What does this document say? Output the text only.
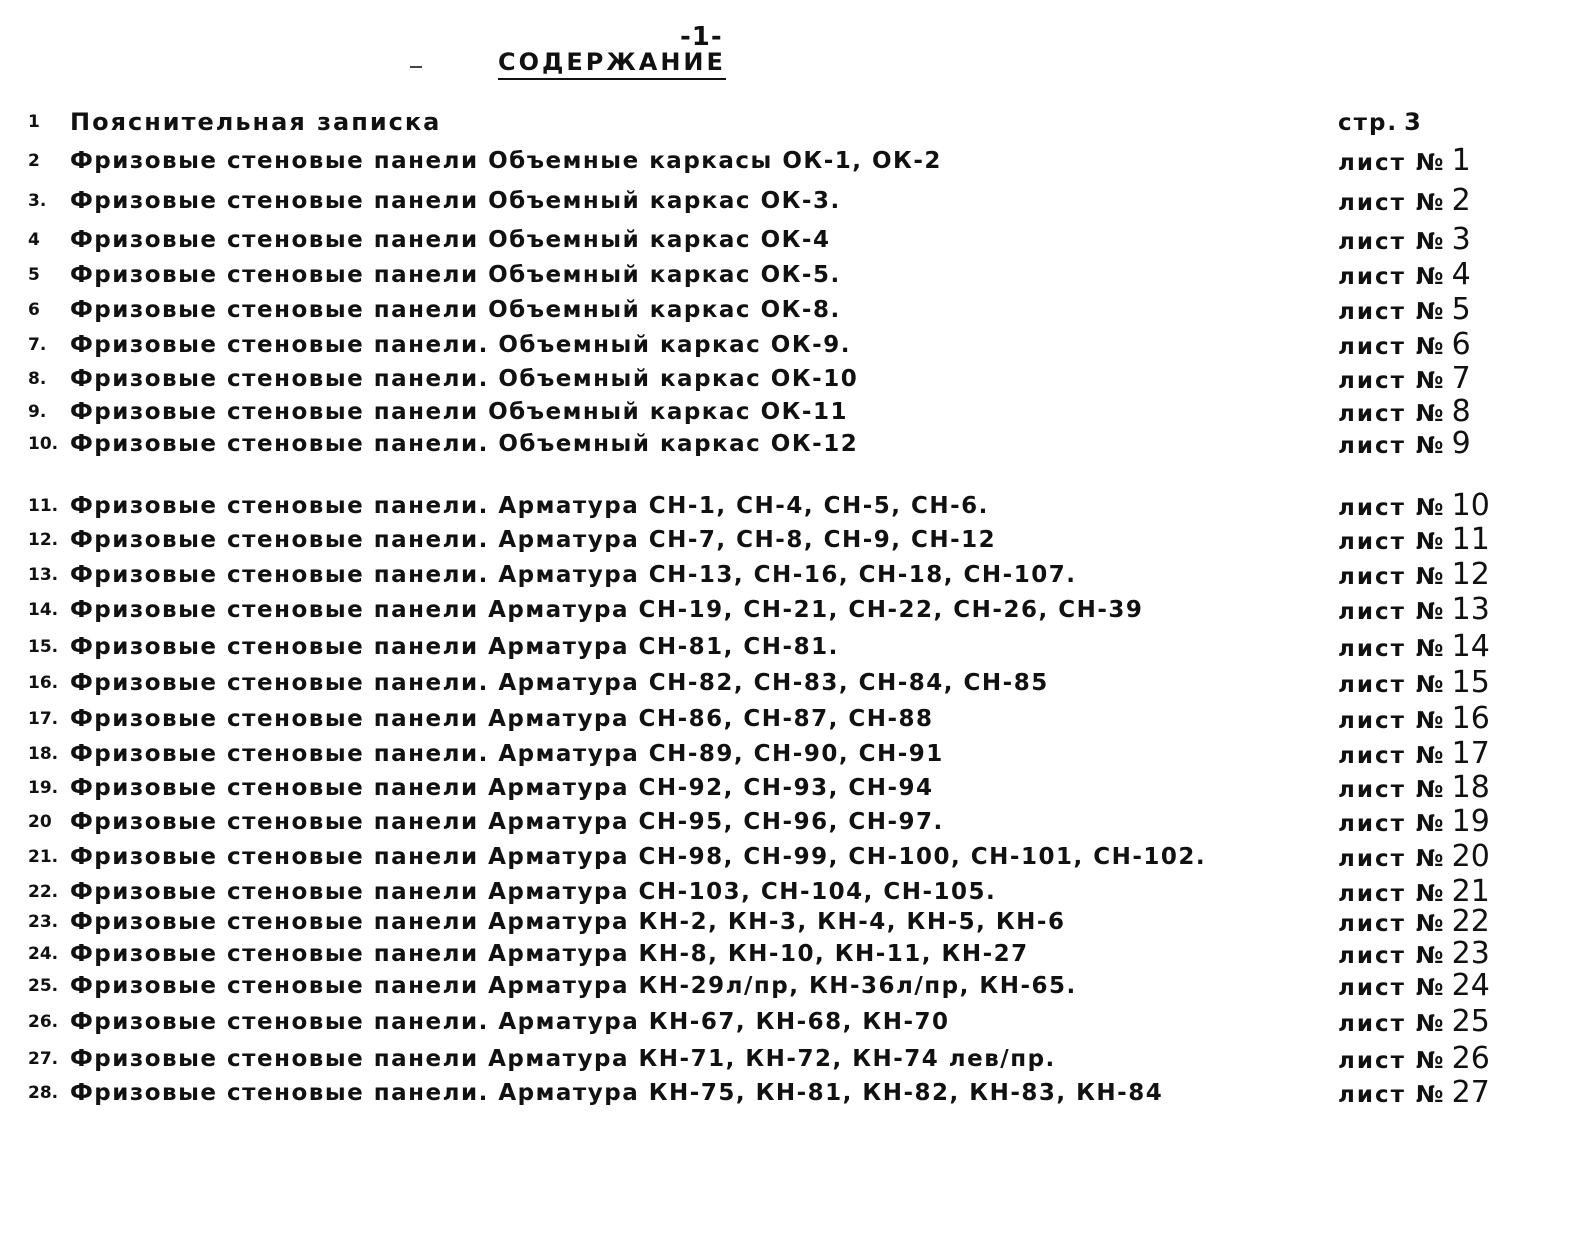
-1-
СОДЕРЖАНИЕ
1	Пояснительная записка	стр. 3
2	Фризовые стеновые панели Объемные каркасы ОК-1, ОК-2	лист № 1
3.	Фризовые стеновые панели Объемный каркас ОК-3.	лист № 2
4	Фризовые стеновые панели Объемный каркас ОК-4	лист № 3
5	Фризовые стеновые панели Объемный каркас ОК-5.	лист № 4
6	Фризовые стеновые панели Объемный каркас ОК-8.	лист № 5
7.	Фризовые стеновые панели. Объемный каркас ОК-9.	лист № 6
8.	Фризовые стеновые панели. Объемный каркас ОК-10	лист № 7
9.	Фризовые стеновые панели Объемный каркас ОК-11	лист № 8
10. Фризовые стеновые панели. Объемный каркас ОК-12	лист № 9
11. Фризовые стеновые панели. Арматура СН-1, СН-4, СН-5, СН-6.	лист № 10
12. Фризовые стеновые панели. Арматура СН-7, СН-8, СН-9, СН-12	лист № 11
13. Фризовые стеновые панели. Арматура СН-13, СН-16, СН-18, СН-107.	лист № 12
14. Фризовые стеновые панели Арматура СН-19, СН-21, СН-22, СН-26, СН-39	лист № 13
15. Фризовые стеновые панели Арматура СН-81, СН-81.	лист № 14
16. Фризовые стеновые панели. Арматура СН-82, СН-83, СН-84, СН-85	лист № 15
17. Фризовые стеновые панели Арматура СН-86, СН-87, СН-88	лист № 16
18. Фризовые стеновые панели. Арматура СН-89, СН-90, СН-91	лист № 17
19. Фризовые стеновые панели Арматура СН-92, СН-93, СН-94	лист № 18
20 Фризовые стеновые панели Арматура СН-95, СН-96, СН-97.	лист № 19
21. Фризовые стеновые панели Арматура СН-98, СН-99, СН-100, СН-101, СН-102.	лист № 20
22. Фризовые стеновые панели Арматура СН-103, СН-104, СН-105.	лист № 21
23. Фризовые стеновые панели Арматура КН-2, КН-3, КН-4, КН-5, КН-6	лист № 22
24. Фризовые стеновые панели Арматура КН-8, КН-10, КН-11, КН-27	лист № 23
25. Фризовые стеновые панели Арматура КН-29л/пр, КН-36л/пр, КН-65.	лист № 24
26. Фризовые стеновые панели. Арматура КН-67, КН-68, КН-70	лист № 25
27. Фризовые стеновые панели Арматура КН-71, КН-72, КН-74 лев/пр.	лист № 26
28. Фризовые стеновые панели. Арматура КН-75, КН-81, КН-82, КН-83, КН-84	лист № 27
